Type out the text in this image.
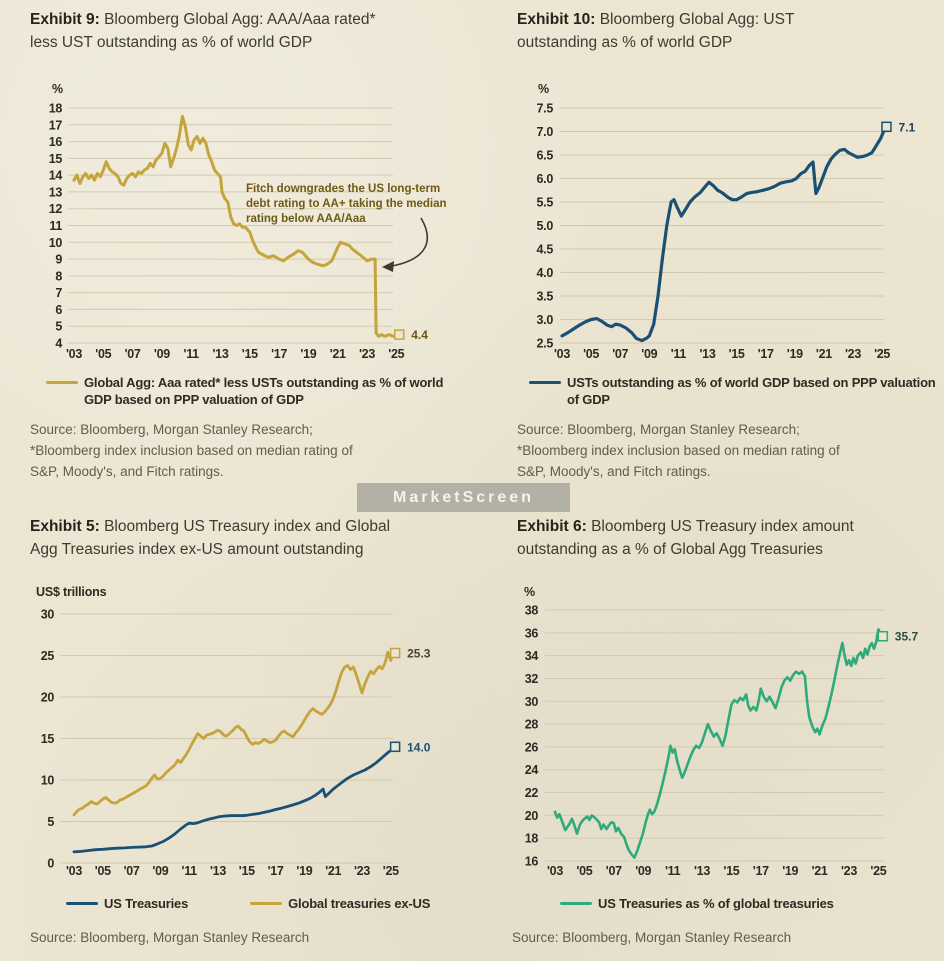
18
17
16
15
14
13
12
11
10
9
8
7
6
5
4
'03 '05 '07 '09 '11 '13 '15 '17 '19 '21 '23 '25
4.4
Fitch downgrades the US long-term
debt rating to AA+ taking the median
rating below AAA/Aaa
7.5
7.0
6.5
6.0
5.5
5.0
4.5
4.0
3.5
3.0
2.5
'03 '05 '07 '09 '11 '13 '15 '17 '19 '21 '23 '25
7.1
30
25
20
15
10
5
0
'03 '05 '07 '09 '11 '13 '15 '17 '19 '21 '23 '25
25.3
14.0
38
36
34
32
30
28
26
24
22
20
18
16
'03 '05 '07 '09 '11 '13 '15 '17 '19 '21 '23 '25
35.7
Exhibit 9: Bloomberg Global Agg: AAA/Aaa rated*
less UST outstanding as % of world GDP
%
Global Agg: Aaa rated* less USTs outstanding as % of world
GDP based on PPP valuation of GDP
Source: Bloomberg, Morgan Stanley Research;
*Bloomberg index inclusion based on median rating of
S&P, Moody's, and Fitch ratings.
Exhibit 10: Bloomberg Global Agg: UST
outstanding as % of world GDP
%
USTs outstanding as % of world GDP based on PPP valuation
of GDP
Source: Bloomberg, Morgan Stanley Research;
*Bloomberg index inclusion based on median rating of
S&P, Moody's, and Fitch ratings.
Exhibit 5: Bloomberg US Treasury index and Global
Agg Treasuries index ex-US amount outstanding
US$ trillions
US Treasuries	Global treasuries ex-US
Source: Bloomberg, Morgan Stanley Research
Exhibit 6: Bloomberg US Treasury index amount
outstanding as a % of Global Agg Treasuries
%
US Treasuries as % of global treasuries
Source: Bloomberg, Morgan Stanley Research
MarketScreen
